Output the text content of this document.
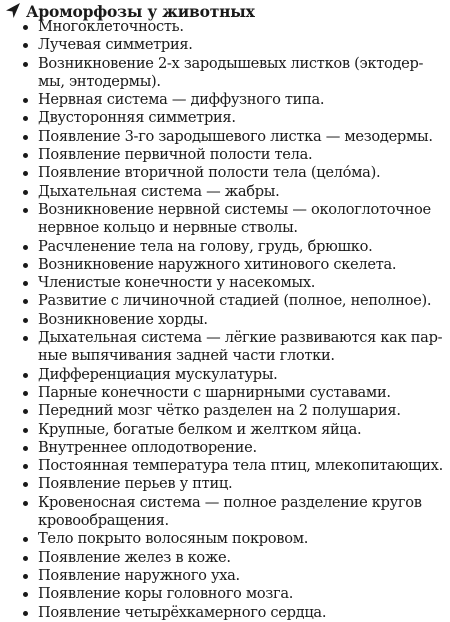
Ароморфозы у животных
Многоклеточность.
Лучевая симметрия.
Возникновение 2-х зародышевых листков (эктодер-
мы, энтодермы).
Нервная система — диффузного типа.
Двусторонняя симметрия.
Появление 3-го зародышевого листка — мезодермы.
Появление первичной полости тела.
Появление вторичной полости тела (цело́ма).
Дыхательная система — жабры.
Возникновение нервной системы — окологлоточное
нервное кольцо и нервные стволы.
Расчленение тела на голову, грудь, брюшко.
Возникновение наружного хитинового скелета.
Членистые конечности у насекомых.
Развитие с личиночной стадией (полное, неполное).
Возникновение хорды.
Дыхательная система — лёгкие развиваются как пар-
ные выпячивания задней части глотки.
Дифференциация мускулатуры.
Парные конечности с шарнирными суставами.
Передний мозг чётко разделен на 2 полушария.
Крупные, богатые белком и желтком яйца.
Внутреннее оплодотворение.
Постоянная температура тела птиц, млекопитающих.
Появление перьев у птиц.
Кровеносная система — полное разделение кругов
кровообращения.
Тело покрыто волосяным покровом.
Появление желез в коже.
Появление наружного уха.
Появление коры головного мозга.
Появление четырёхкамерного сердца.
